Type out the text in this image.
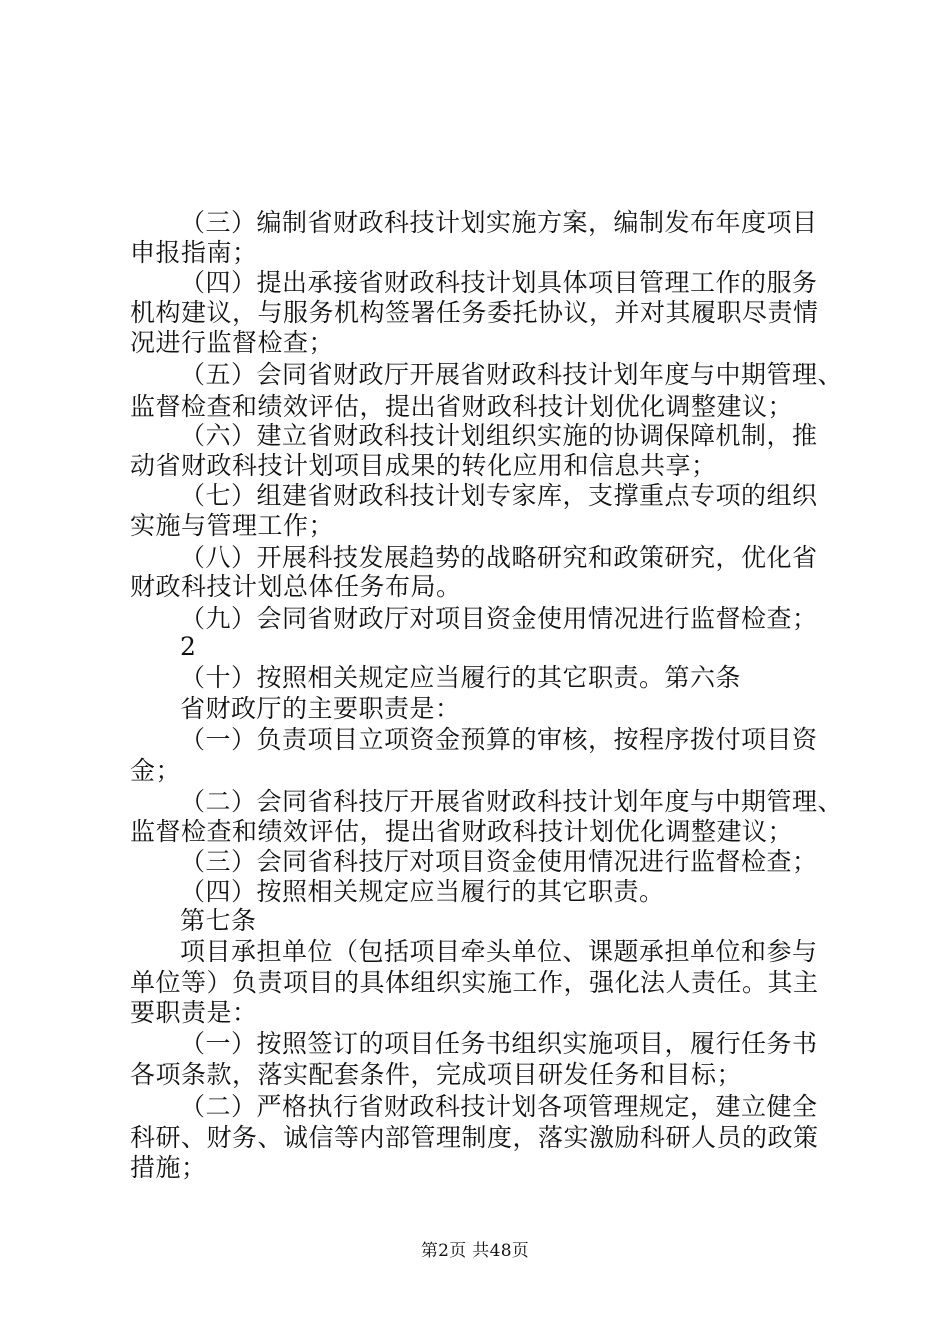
（三）编制省财政科技计划实施方案，编制发布年度项目
申报指南；
（四）提出承接省财政科技计划具体项目管理工作的服务
机构建议，与服务机构签署任务委托协议，并对其履职尽责情
况进行监督检查；
（五）会同省财政厅开展省财政科技计划年度与中期管理、
监督检查和绩效评估，提出省财政科技计划优化调整建议；
（六）建立省财政科技计划组织实施的协调保障机制，推
动省财政科技计划项目成果的转化应用和信息共享；
（七）组建省财政科技计划专家库，支撑重点专项的组织
实施与管理工作；
（八）开展科技发展趋势的战略研究和政策研究，优化省
财政科技计划总体任务布局。
（九）会同省财政厅对项目资金使用情况进行监督检查；
2
（十）按照相关规定应当履行的其它职责。第六条
省财政厅的主要职责是：
（一）负责项目立项资金预算的审核，按程序拨付项目资
金；
（二）会同省科技厅开展省财政科技计划年度与中期管理、
监督检查和绩效评估，提出省财政科技计划优化调整建议；
（三）会同省科技厅对项目资金使用情况进行监督检查；
（四）按照相关规定应当履行的其它职责。
第七条
项目承担单位（包括项目牵头单位、课题承担单位和参与
单位等）负责项目的具体组织实施工作，强化法人责任。其主
要职责是：
（一）按照签订的项目任务书组织实施项目，履行任务书
各项条款，落实配套条件，完成项目研发任务和目标；
（二）严格执行省财政科技计划各项管理规定，建立健全
科研、财务、诚信等内部管理制度，落实激励科研人员的政策
措施；
第2页 共48页
